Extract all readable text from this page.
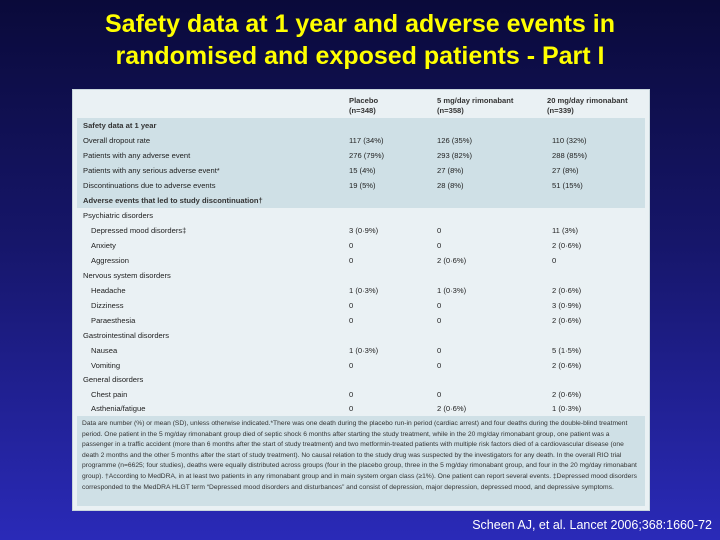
Safety data at 1 year and adverse events in
randomised and exposed patients - Part I
Placebo
(n=348)
5 mg/day rimonabant
(n=358)
20 mg/day rimonabant
(n=339)
Safety data at 1 year
Overall dropout rate	117 (34%)	126 (35%)	110 (32%)
Patients with any adverse event	276 (79%)	293 (82%)	288 (85%)
Patients with any serious adverse event*	15 (4%)	27 (8%)	27 (8%)
Discontinuations due to adverse events	19 (5%)	28 (8%)	51 (15%)
Adverse events that led to study discontinuation†
Psychiatric disorders
Depressed mood disorders‡	3 (0·9%)	0	11 (3%)
Anxiety	0	0	2 (0·6%)
Aggression	0	2 (0·6%)	0
Nervous system disorders
Headache	1 (0·3%)	1 (0·3%)	2 (0·6%)
Dizziness	0	0	3 (0·9%)
Paraesthesia	0	0	2 (0·6%)
Gastrointestinal disorders
Nausea	1 (0·3%)	0	5 (1·5%)
Vomiting	0	0	2 (0·6%)
General disorders
Chest pain	0	0	2 (0·6%)
Asthenia/fatigue	0	2 (0·6%)	1 (0·3%)
Data are number (%) or mean (SD), unless otherwise indicated.*There was one death during the placebo run-in period (cardiac arrest) and four deaths during the double-blind treatment period. One patient in the 5 mg/day rimonabant group died of septic shock 6 months after starting the study treatment, while in the 20 mg/day rimonabant group, one patient was a passenger in a traffic accident (more than 6 months after the start of study treatment) and two metformin-treated patients with multiple risk factors died of a cardiovascular disease (one death 2 months and the other 5 months after the start of study treatment). No causal relation to the study drug was suspected by the investigators for any death. In the overall RIO trial programme (n=6625; four studies), deaths were equally distributed across groups (four in the placebo group, three in the 5 mg/day rimonabant group, and four in the 20 mg/day rimonabant group). †According to MedDRA, in at least two patients in any rimonabant group and in main system organ class (≥1%). One patient can report several events. ‡Depressed mood disorders corresponded to the MedDRA HLGT term “Depressed mood disorders and disturbances” and consist of depression, major depression, depressed mood, and depressive symptoms.
Scheen AJ, et al. Lancet 2006;368:1660-72
